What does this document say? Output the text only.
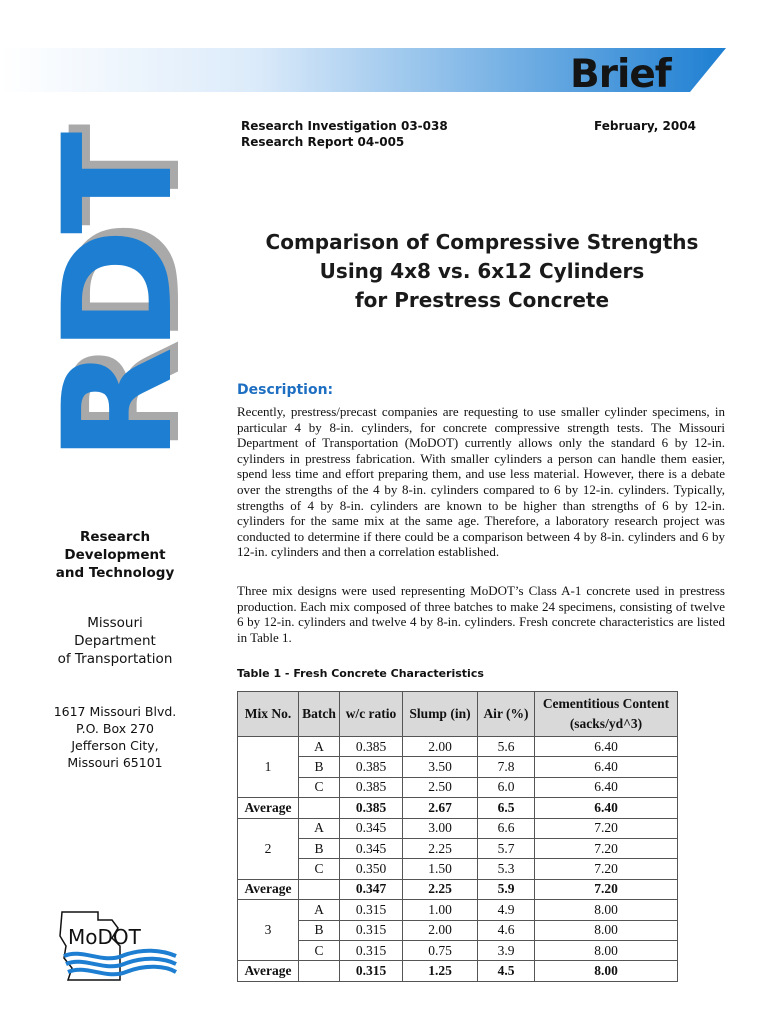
Brief
RDT
Research Investigation 03-038
Research Report 04-005
February, 2004
Comparison of Compressive Strengths
Using 4x8 vs. 6x12 Cylinders
for Prestress Concrete
Description:

Recently, prestress/precast companies are requesting to use smaller cylinder specimens, in particular 4 by 8-in. cylinders, for concrete compressive strength tests. The Missouri Department of Transportation (MoDOT) currently allows only the standard 6 by 12-in. cylinders in prestress fabrication. With smaller cylinders a person can handle them easier, spend less time and effort preparing them, and use less material. However, there is a debate over the strengths of the 4 by 8-in. cylinders compared to 6 by 12-in. cylinders. Typically, strengths of 4 by 8-in. cylinders are known to be higher than strengths of 6 by 12-in. cylinders for the same mix at the same age. Therefore, a laboratory research project was conducted to determine if there could be a comparison between 4 by 8-in. cylinders and 6 by 12-in. cylinders and then a correlation established.

Three mix designs were used representing MoDOT’s Class A-1 concrete used in prestress production. Each mix composed of three batches to make 24 specimens, consisting of twelve 6 by 12-in. cylinders and twelve 4 by 8-in. cylinders. Fresh concrete characteristics are listed in Table 1.

Table 1 - Fresh Concrete Characteristics
Research
Development
and Technology
Missouri
Department
of Transportation
1617 Missouri Blvd.
P.O. Box 270
Jefferson City,
Missouri 65101
MoDOT
Mix No.	Batch	w/c ratio	Slump (in)	Air (%)	Cementitious Content
(sacks/yd^3)

1	A	0.385	2.00	5.6	6.40
	B	0.385	3.50	7.8	6.40
	C	0.385	2.50	6.0	6.40
Average		0.385	2.67	6.5	6.40
2	A	0.345	3.00	6.6	7.20
	B	0.345	2.25	5.7	7.20
	C	0.350	1.50	5.3	7.20
Average		0.347	2.25	5.9	7.20
3	A	0.315	1.00	4.9	8.00
	B	0.315	2.00	4.6	8.00
	C	0.315	0.75	3.9	8.00
Average		0.315	1.25	4.5	8.00
